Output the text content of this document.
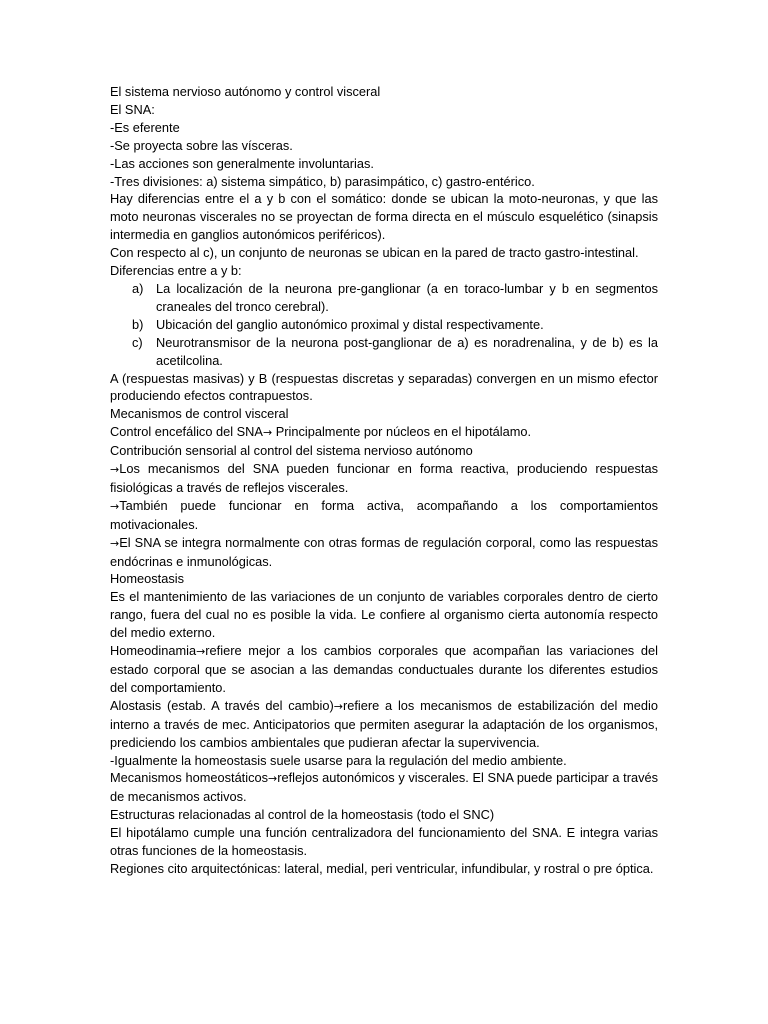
El sistema nervioso autónomo y control visceral

El SNA:

-Es eferente

-Se proyecta sobre las vísceras.

-Las acciones son generalmente involuntarias.

-Tres divisiones: a) sistema simpático, b) parasimpático, c) gastro-entérico.

Hay diferencias entre el a y b con el somático: donde se ubican la moto-neuronas, y que las moto neuronas viscerales no se proyectan de forma directa en el músculo esquelético (sinapsis intermedia en ganglios autonómicos periféricos).

Con respecto al c), un conjunto de neuronas se ubican en la pared de tracto gastro-intestinal.

Diferencias entre a y b:

a) La localización de la neurona pre-ganglionar (a en toraco-lumbar y b en segmentos craneales del tronco cerebral).
b) Ubicación del ganglio autonómico proximal y distal respectivamente.
c) Neurotransmisor de la neurona post-ganglionar de a) es noradrenalina, y de b) es la acetilcolina.

A (respuestas masivas) y B (respuestas discretas y separadas) convergen en un mismo efector produciendo efectos contrapuestos.

Mecanismos de control visceral

Control encefálico del SNA→ Principalmente por núcleos en el hipotálamo.

Contribución sensorial al control del sistema nervioso autónomo

→Los mecanismos del SNA pueden funcionar en forma reactiva, produciendo respuestas fisiológicas a través de reflejos viscerales.

→También puede funcionar en forma activa, acompañando a los comportamientos motivacionales.

→El SNA se integra normalmente con otras formas de regulación corporal, como las respuestas endócrinas e inmunológicas.

Homeostasis

Es el mantenimiento de las variaciones de un conjunto de variables corporales dentro de cierto rango, fuera del cual no es posible la vida. Le confiere al organismo cierta autonomía respecto del medio externo.

Homeodinamia→refiere mejor a los cambios corporales que acompañan las variaciones del estado corporal que se asocian a las demandas conductuales durante los diferentes estudios del comportamiento.

Alostasis (estab. A través del cambio)→refiere a los mecanismos de estabilización del medio interno a través de mec. Anticipatorios que permiten asegurar la adaptación de los organismos, prediciendo los cambios ambientales que pudieran afectar la supervivencia.

-Igualmente la homeostasis suele usarse para la regulación del medio ambiente.

Mecanismos homeostáticos→reflejos autonómicos y viscerales. El SNA puede participar a través de mecanismos activos.

Estructuras relacionadas al control de la homeostasis (todo el SNC)

El hipotálamo cumple una función centralizadora del funcionamiento del SNA. E integra varias otras funciones de la homeostasis.

Regiones cito arquitectónicas: lateral, medial, peri ventricular, infundibular, y rostral o pre óptica.
